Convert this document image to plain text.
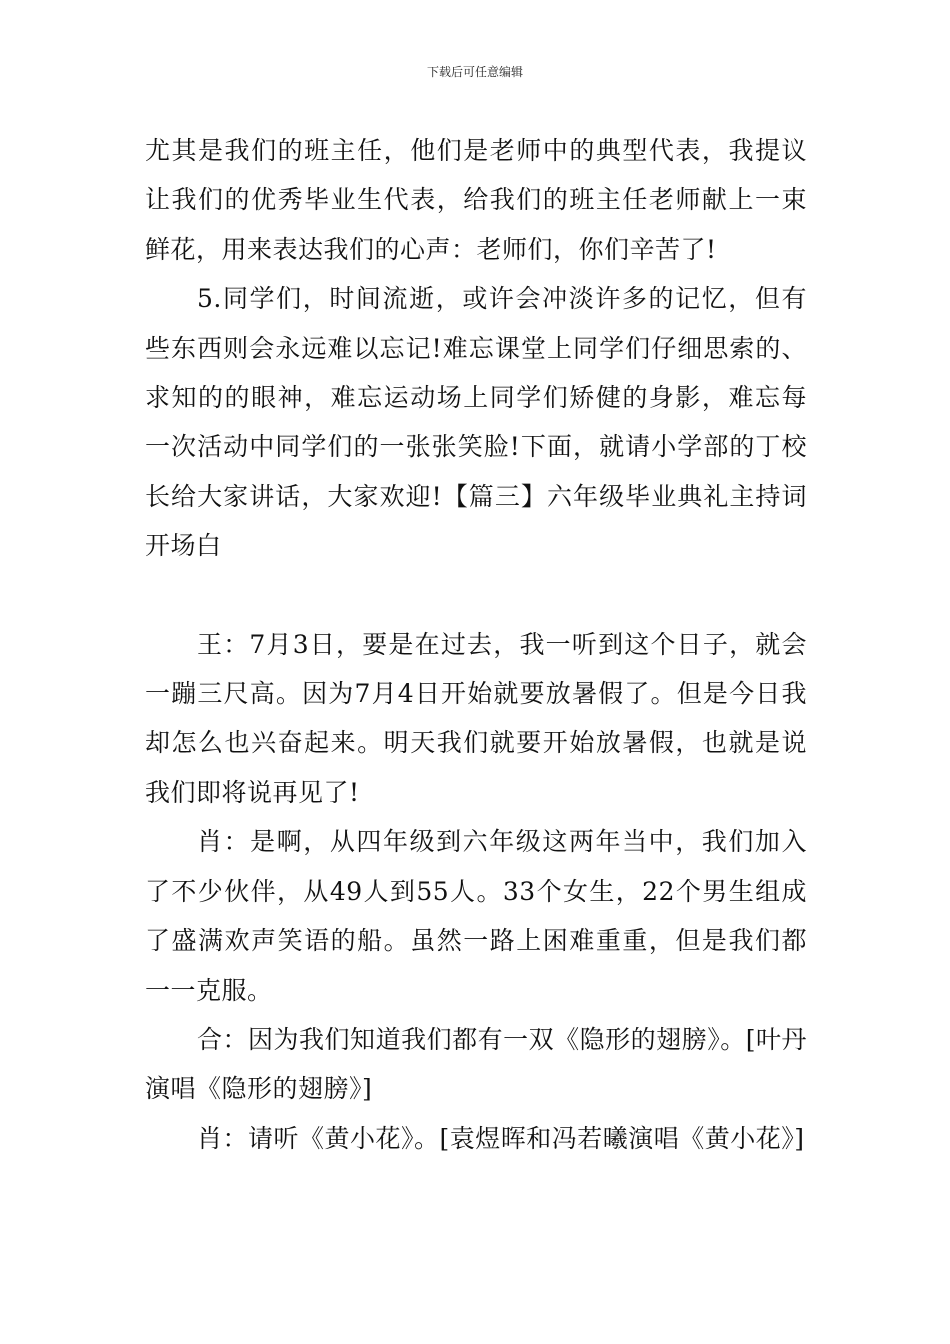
下载后可任意编辑

尤其是我们的班主任，他们是老师中的典型代表，我提议让我们的优秀毕业生代表，给我们的班主任老师献上一束鲜花，用来表达我们的心声：老师们，你们辛苦了!

5.同学们，时间流逝，或许会冲淡许多的记忆，但有些东西则会永远难以忘记!难忘课堂上同学们仔细思索的、求知的的眼神，难忘运动场上同学们矫健的身影，难忘每一次活动中同学们的一张张笑脸!下面，就请小学部的丁校长给大家讲话，大家欢迎!【篇三】六年级毕业典礼主持词开场白

王：7月3日，要是在过去，我一听到这个日子，就会一蹦三尺高。因为7月4日开始就要放暑假了。但是今日我却怎么也兴奋起来。明天我们就要开始放暑假，也就是说我们即将说再见了!

肖：是啊，从四年级到六年级这两年当中，我们加入了不少伙伴，从49人到55人。33个女生，22个男生组成了盛满欢声笑语的船。虽然一路上困难重重，但是我们都一一克服。

合：因为我们知道我们都有一双《隐形的翅膀》。[叶丹演唱《隐形的翅膀》]

肖：请听《黄小花》。[袁煜晖和冯若曦演唱《黄小花》]
